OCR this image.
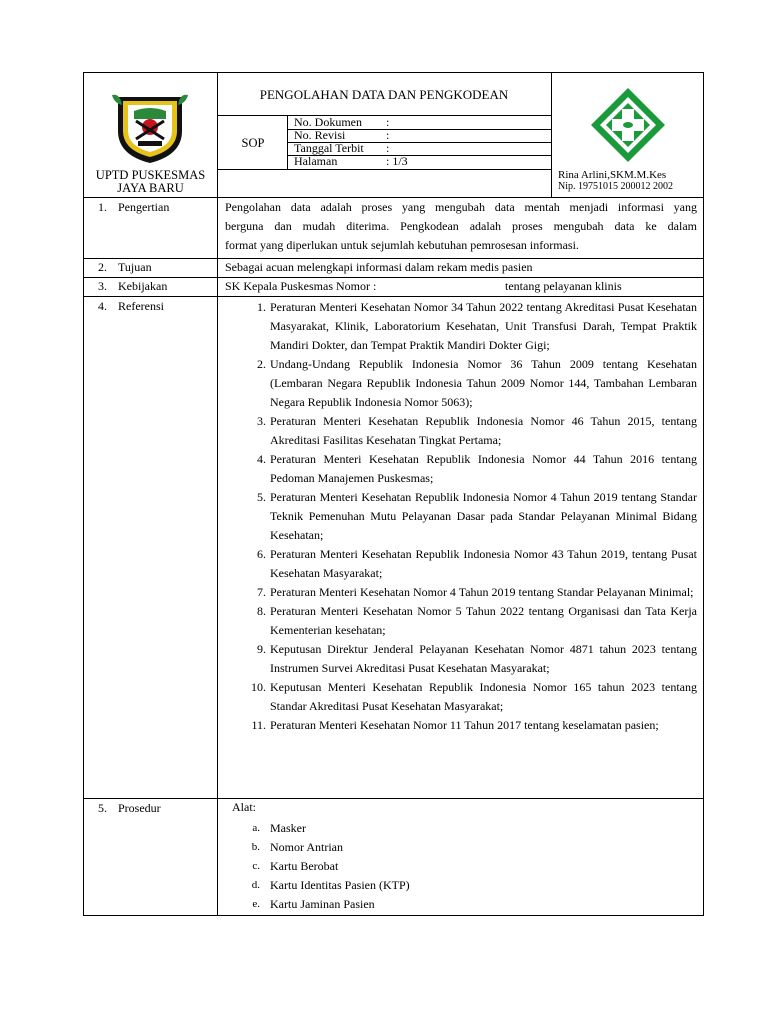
PENGOLAHAN DATA DAN PENGKODEAN
SOP
No. Dokumen :
No. Revisi	:
Tanggal Terbit :
Halaman	: 1/3
UPTD PUSKESMAS
JAYA BARU
Rina Arlini,SKM.M.Kes
Nip. 19751015 200012 2002
1. Pengertian	Pengolahan data adalah proses yang mengubah data mentah menjadi informasi yang
berguna dan mudah diterima. Pengkodean adalah proses mengubah data ke dalam
format yang diperlukan untuk sejumlah kebutuhan pemrosesan informasi.
2. Tujuan	Sebagai acuan melengkapi informasi dalam rekam medis pasien
3. Kebijakan	SK Kepala Puskesmas Nomor :	tentang pelayanan klinis
4. Referensi	1. Peraturan Menteri Kesehatan Nomor 34 Tahun 2022 tentang Akreditasi Pusat Kesehatan Masyarakat, Klinik, Laboratorium Kesehatan, Unit Transfusi Darah, Tempat Praktik Mandiri Dokter, dan Tempat Praktik Mandiri Dokter Gigi;
2. Undang-Undang Republik Indonesia Nomor 36 Tahun 2009 tentang Kesehatan (Lembaran Negara Republik Indonesia Tahun 2009 Nomor 144, Tambahan Lembaran Negara Republik Indonesia Nomor 5063);
3. Peraturan Menteri Kesehatan Republik Indonesia Nomor 46 Tahun 2015, tentang Akreditasi Fasilitas Kesehatan Tingkat Pertama;
4. Peraturan Menteri Kesehatan Republik Indonesia Nomor 44 Tahun 2016 tentang Pedoman Manajemen Puskesmas;
5. Peraturan Menteri Kesehatan Republik Indonesia Nomor 4 Tahun 2019 tentang Standar Teknik Pemenuhan Mutu Pelayanan Dasar pada Standar Pelayanan Minimal Bidang Kesehatan;
6. Peraturan Menteri Kesehatan Republik Indonesia Nomor 43 Tahun 2019, tentang Pusat Kesehatan Masyarakat;
7. Peraturan Menteri Kesehatan Nomor 4 Tahun 2019 tentang Standar Pelayanan Minimal;
8. Peraturan Menteri Kesehatan Nomor 5 Tahun 2022 tentang Organisasi dan Tata Kerja Kementerian kesehatan;
9. Keputusan Direktur Jenderal Pelayanan Kesehatan Nomor 4871 tahun 2023 tentang Instrumen Survei Akreditasi Pusat Kesehatan Masyarakat;
10. Keputusan Menteri Kesehatan Republik Indonesia Nomor 165 tahun 2023 tentang Standar Akreditasi Pusat Kesehatan Masyarakat;
11. Peraturan Menteri Kesehatan Nomor 11 Tahun 2017 tentang keselamatan pasien;
5. Prosedur	Alat:
a. Masker
b. Nomor Antrian
c. Kartu Berobat
d. Kartu Identitas Pasien (KTP)
e. Kartu Jaminan Pasien
